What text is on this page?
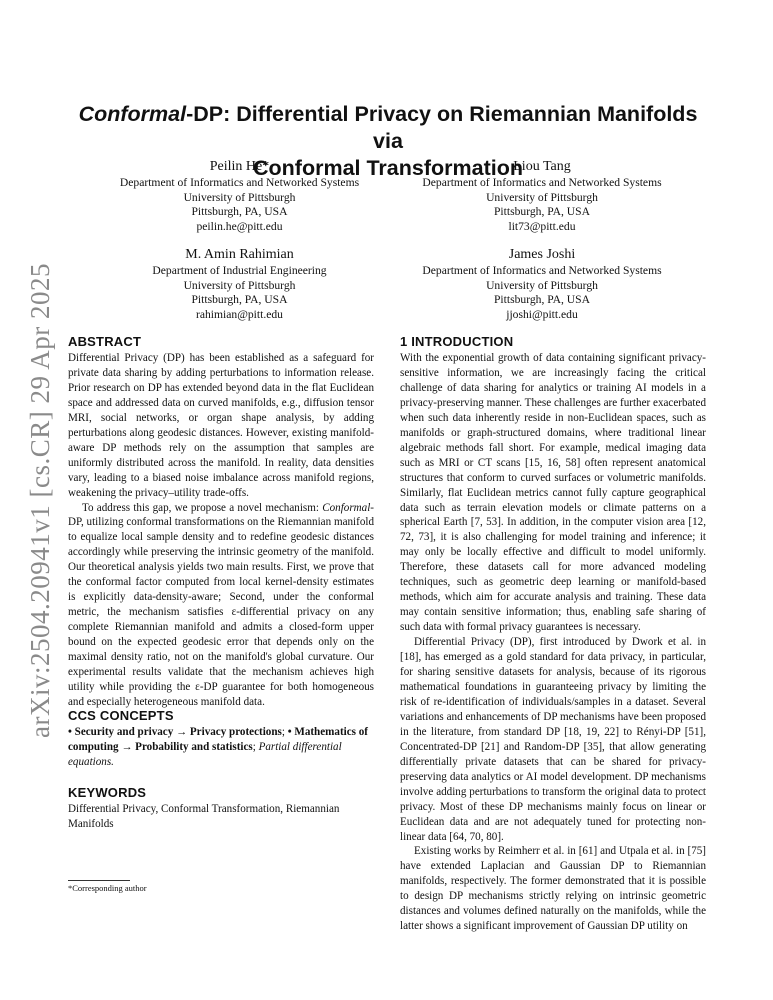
arXiv:2504.20941v1 [cs.CR] 29 Apr 2025
Conformal-DP: Differential Privacy on Riemannian Manifolds via
Conformal Transformation
Peilin He*
Department of Informatics and Networked Systems
University of Pittsburgh
Pittsburgh, PA, USA
peilin.he@pitt.edu
Liou Tang
Department of Informatics and Networked Systems
University of Pittsburgh
Pittsburgh, PA, USA
lit73@pitt.edu
M. Amin Rahimian
Department of Industrial Engineering
University of Pittsburgh
Pittsburgh, PA, USA
rahimian@pitt.edu
James Joshi
Department of Informatics and Networked Systems
University of Pittsburgh
Pittsburgh, PA, USA
jjoshi@pitt.edu
ABSTRACT

Differential Privacy (DP) has been established as a safeguard for private data sharing by adding perturbations to information release. Prior research on DP has extended beyond data in the flat Euclidean space and addressed data on curved manifolds, e.g., diffusion tensor MRI, social networks, or organ shape analysis, by adding perturbations along geodesic distances. However, existing manifold-aware DP methods rely on the assumption that samples are uniformly distributed across the manifold. In reality, data densities vary, leading to a biased noise imbalance across manifold regions, weakening the privacy–utility trade-offs.

To address this gap, we propose a novel mechanism: Conformal-DP, utilizing conformal transformations on the Riemannian manifold to equalize local sample density and to redefine geodesic distances accordingly while preserving the intrinsic geometry of the manifold. Our theoretical analysis yields two main results. First, we prove that the conformal factor computed from local kernel-density estimates is explicitly data-density-aware; Second, under the conformal metric, the mechanism satisfies ε-differential privacy on any complete Riemannian manifold and admits a closed-form upper bound on the expected geodesic error that depends only on the maximal density ratio, not on the manifold's global curvature. Our experimental results validate that the mechanism achieves high utility while providing the ε-DP guarantee for both homogeneous and especially heterogeneous manifold data.

CCS CONCEPTS

• Security and privacy → Privacy protections; • Mathematics of computing → Probability and statistics; Partial differential equations.

KEYWORDS

Differential Privacy, Conformal Transformation, Riemannian Manifolds

*Corresponding author
1 INTRODUCTION

With the exponential growth of data containing significant privacy-sensitive information, we are increasingly facing the critical challenge of data sharing for analytics or training AI models in a privacy-preserving manner. These challenges are further exacerbated when such data inherently reside in non-Euclidean spaces, such as manifolds or graph-structured domains, where traditional linear algebraic methods fall short. For example, medical imaging data such as MRI or CT scans [15, 16, 58] often represent anatomical structures that conform to curved surfaces or volumetric manifolds. Similarly, flat Euclidean metrics cannot fully capture geographical data such as terrain elevation models or climate patterns on a spherical Earth [7, 53]. In addition, in the computer vision area [12, 72, 73], it is also challenging for model training and inference; it may only be locally effective and difficult to model uniformly. Therefore, these datasets call for more advanced modeling techniques, such as geometric deep learning or manifold-based methods, which aim for accurate analysis and training. These data may contain sensitive information; thus, enabling safe sharing of such data with formal privacy guarantees is necessary.

Differential Privacy (DP), first introduced by Dwork et al. in [18], has emerged as a gold standard for data privacy, in particular, for sharing sensitive datasets for analysis, because of its rigorous mathematical foundations in guaranteeing privacy by limiting the risk of re-identification of individuals/samples in a dataset. Several variations and enhancements of DP mechanisms have been proposed in the literature, from standard DP [18, 19, 22] to Rényi-DP [51], Concentrated-DP [21] and Random-DP [35], that allow generating differentially private datasets that can be shared for privacy-preserving data analytics or AI model development. DP mechanisms involve adding perturbations to transform the original data to protect privacy. Most of these DP mechanisms mainly focus on linear or Euclidean data and are not adequately tuned for protecting non-linear data [64, 70, 80].

Existing works by Reimherr et al. in [61] and Utpala et al. in [75] have extended Laplacian and Gaussian DP to Riemannian manifolds, respectively. The former demonstrated that it is possible to design DP mechanisms strictly relying on intrinsic geometric distances and volumes defined naturally on the manifolds, while the latter shows a significant improvement of Gaussian DP utility on
